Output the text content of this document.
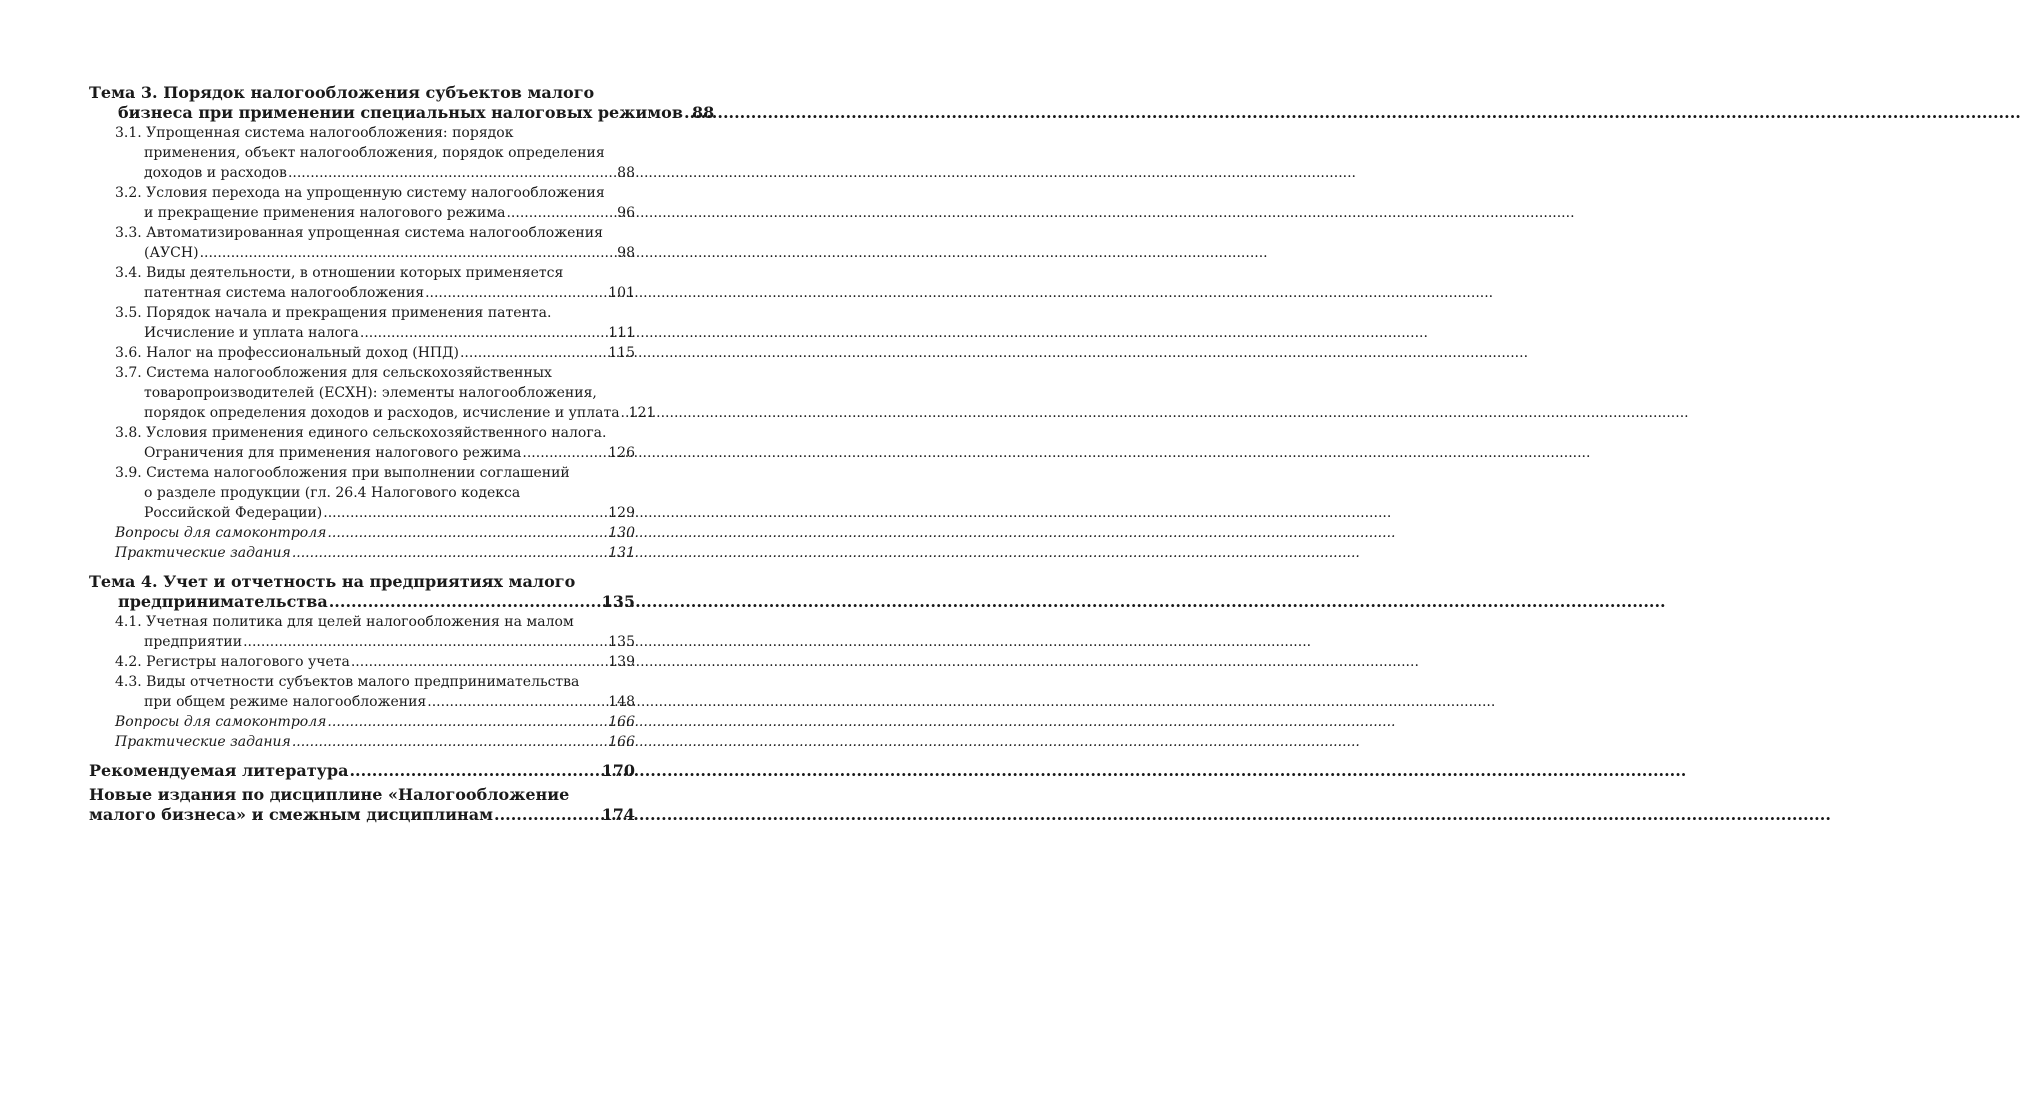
Тема 3. Порядок налогообложения субъектов малого
бизнеса при применении специальных налоговых режимов ..... 88
3.1. Упрощенная система налогообложения: порядок
применения, объект налогообложения, порядок определения
доходов и расходов .....	88
3.2. Условия перехода на упрощенную систему налогообложения
и прекращение применения налогового режима .....	96
3.3. Автоматизированная упрощенная система налогообложения
(АУСН) .....	98
3.4. Виды деятельности, в отношении которых применяется
патентная система налогообложения .....	101
3.5. Порядок начала и прекращения применения патента.
Исчисление и уплата налога .....	111
3.6. Налог на профессиональный доход (НПД) .....	115
3.7. Система налогообложения для сельскохозяйственных
товаропроизводителей (ЕСХН): элементы налогообложения,
порядок определения доходов и расходов, исчисление и уплата ..... 121
3.8. Условия применения единого сельскохозяйственного налога.
Ограничения для применения налогового режима .....	126
3.9. Система налогообложения при выполнении соглашений
о разделе продукции (гл. 26.4 Налогового кодекса
Российской Федерации) .....	129
Вопросы для самоконтроля .....	130
Практические задания .....	131
Тема 4. Учет и отчетность на предприятиях малого
предпринимательства .....	135
4.1. Учетная политика для целей налогообложения на малом
предприятии .....	135
4.2. Регистры налогового учета .....	139
4.3. Виды отчетности субъектов малого предпринимательства
при общем режиме налогообложения .....	148
Вопросы для самоконтроля .....	166
Практические задания .....	166
Рекомендуемая литература .....	170
Новые издания по дисциплине «Налогообложение
малого бизнеса» и смежным дисциплинам .....	174
